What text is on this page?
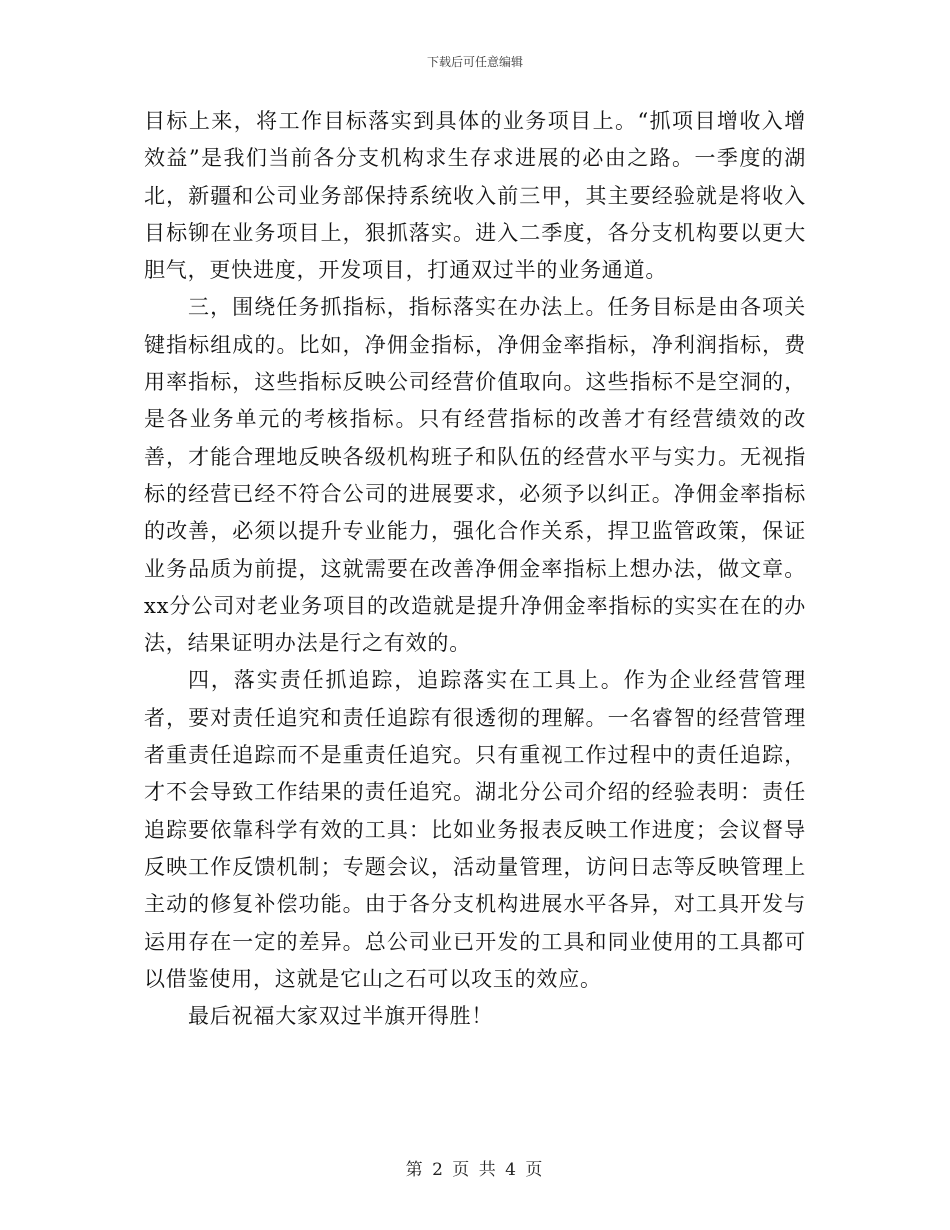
下载后可任意编辑

目标上来，将工作目标落实到具体的业务项目上。“抓项目增收入增效益”是我们当前各分支机构求生存求进展的必由之路。一季度的湖北，新疆和公司业务部保持系统收入前三甲，其主要经验就是将收入目标铆在业务项目上，狠抓落实。进入二季度，各分支机构要以更大胆气，更快进度，开发项目，打通双过半的业务通道。

三，围绕任务抓指标，指标落实在办法上。任务目标是由各项关键指标组成的。比如，净佣金指标，净佣金率指标，净利润指标，费用率指标，这些指标反映公司经营价值取向。这些指标不是空洞的，是各业务单元的考核指标。只有经营指标的改善才有经营绩效的改善，才能合理地反映各级机构班子和队伍的经营水平与实力。无视指标的经营已经不符合公司的进展要求，必须予以纠正。净佣金率指标的改善，必须以提升专业能力，强化合作关系，捍卫监管政策，保证业务品质为前提，这就需要在改善净佣金率指标上想办法，做文章。xx分公司对老业务项目的改造就是提升净佣金率指标的实实在在的办法，结果证明办法是行之有效的。

四，落实责任抓追踪，追踪落实在工具上。作为企业经营管理者，要对责任追究和责任追踪有很透彻的理解。一名睿智的经营管理者重责任追踪而不是重责任追究。只有重视工作过程中的责任追踪，才不会导致工作结果的责任追究。湖北分公司介绍的经验表明：责任追踪要依靠科学有效的工具：比如业务报表反映工作进度；会议督导反映工作反馈机制；专题会议，活动量管理，访问日志等反映管理上主动的修复补偿功能。由于各分支机构进展水平各异，对工具开发与运用存在一定的差异。总公司业已开发的工具和同业使用的工具都可以借鉴使用，这就是它山之石可以攻玉的效应。

最后祝福大家双过半旗开得胜！

第 2 页 共 4 页
